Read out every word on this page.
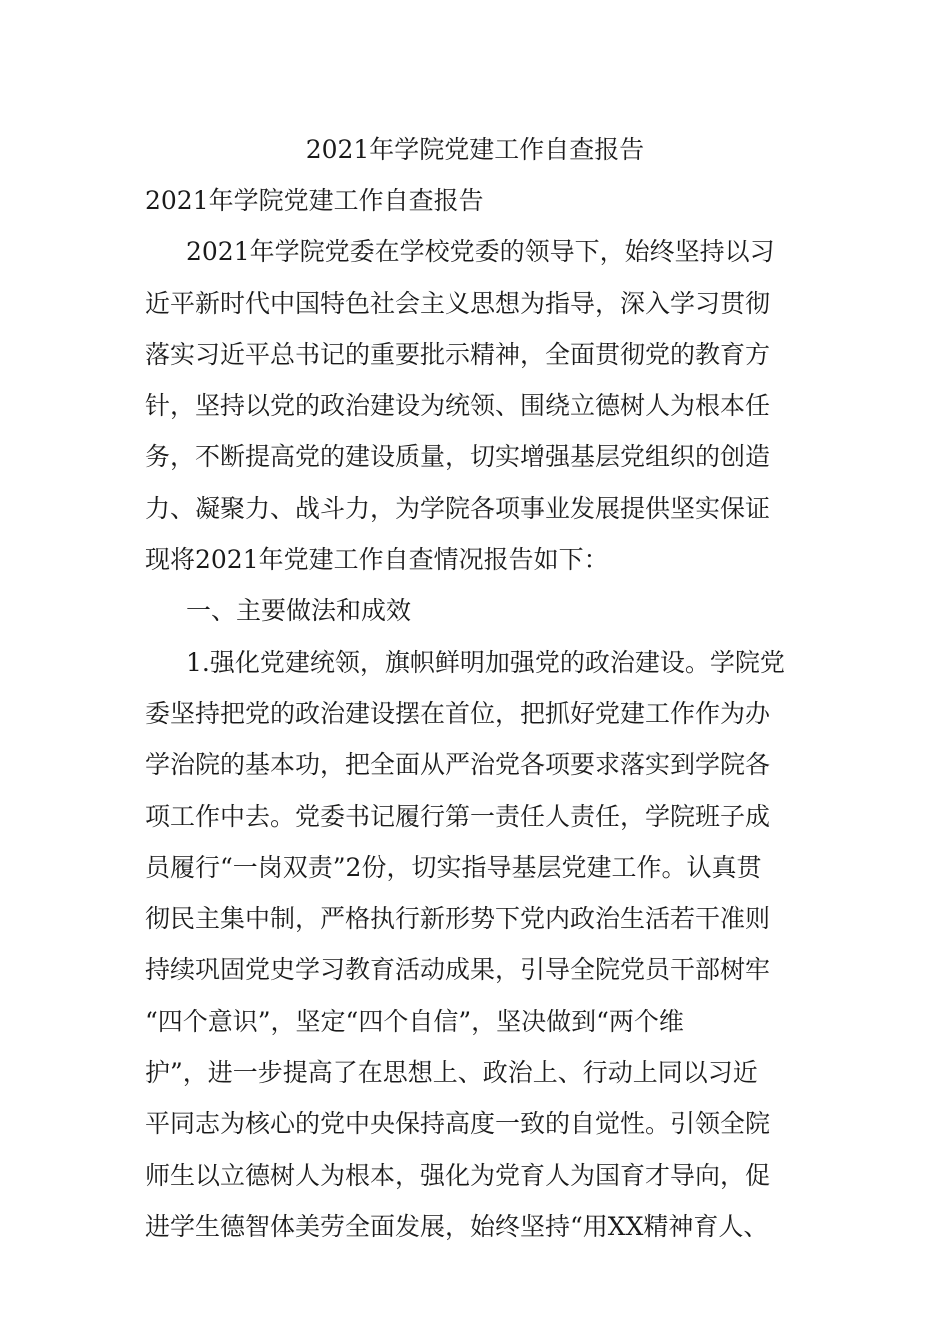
2021年学院党建工作自查报告
2021年学院党建工作自查报告
2021年学院党委在学校党委的领导下，始终坚持以习
近平新时代中国特色社会主义思想为指导，深入学习贯彻
落实习近平总书记的重要批示精神，全面贯彻党的教育方
针，坚持以党的政治建设为统领、围绕立德树人为根本任
务，不断提高党的建设质量，切实增强基层党组织的创造
力、凝聚力、战斗力，为学院各项事业发展提供坚实保证
现将2021年党建工作自查情况报告如下：
一、主要做法和成效
1.强化党建统领，旗帜鲜明加强党的政治建设。学院党
委坚持把党的政治建设摆在首位，把抓好党建工作作为办
学治院的基本功，把全面从严治党各项要求落实到学院各
项工作中去。党委书记履行第一责任人责任，学院班子成
员履行“一岗双责”2份，切实指导基层党建工作。认真贯
彻民主集中制，严格执行新形势下党内政治生活若干准则
持续巩固党史学习教育活动成果，引导全院党员干部树牢
“四个意识”，坚定“四个自信”，坚决做到“两个维
护”，进一步提高了在思想上、政治上、行动上同以习近
平同志为核心的党中央保持高度一致的自觉性。引领全院
师生以立德树人为根本，强化为党育人为国育才导向，促
进学生德智体美劳全面发展，始终坚持“用XX精神育人、
